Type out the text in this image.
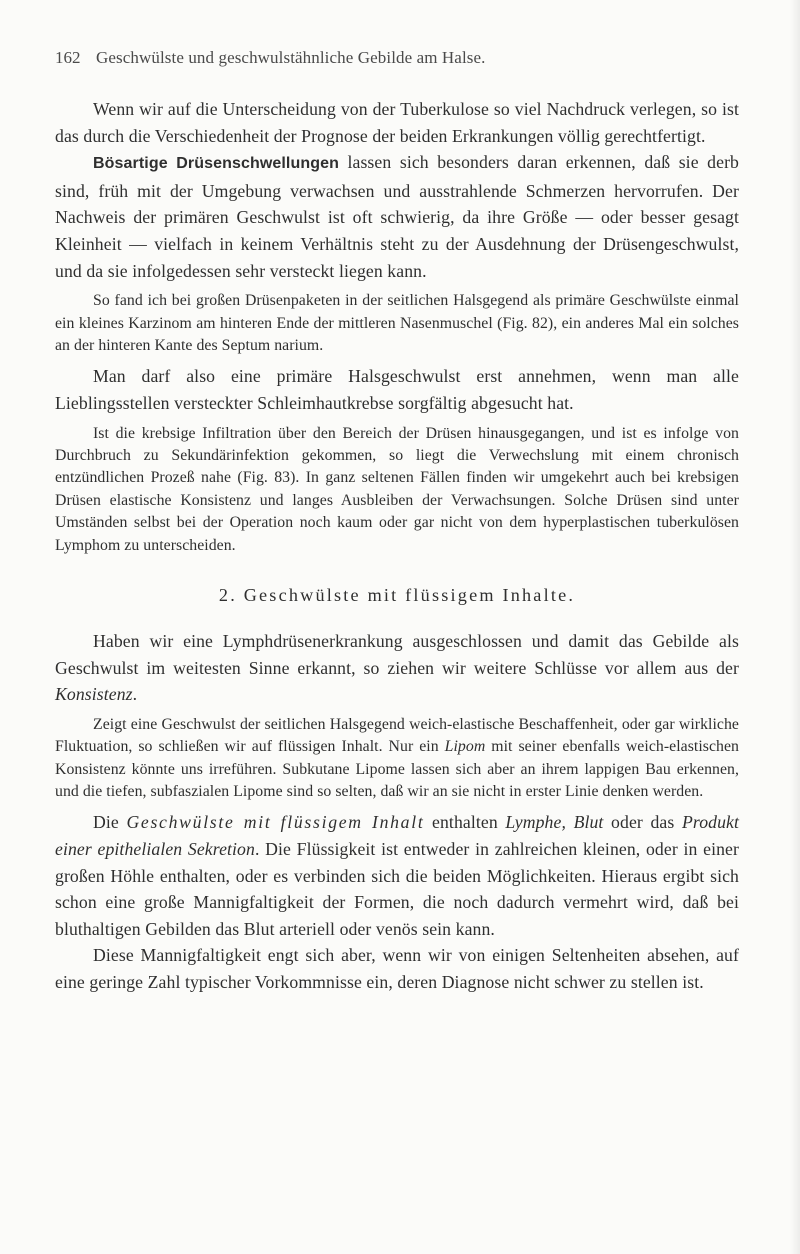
162 Geschwülste und geschwulstähnliche Gebilde am Halse.

Wenn wir auf die Unterscheidung von der Tuberkulose so viel Nachdruck verlegen, so ist das durch die Verschiedenheit der Prognose der beiden Erkrankungen völlig gerechtfertigt.

Bösartige Drüsenschwellungen lassen sich besonders daran erkennen, daß sie derb sind, früh mit der Umgebung verwachsen und ausstrahlende Schmerzen hervorrufen. Der Nachweis der primären Geschwulst ist oft schwierig, da ihre Größe — oder besser gesagt Kleinheit — vielfach in keinem Verhältnis steht zu der Ausdehnung der Drüsengeschwulst, und da sie infolgedessen sehr versteckt liegen kann.

So fand ich bei großen Drüsenpaketen in der seitlichen Halsgegend als primäre Geschwülste einmal ein kleines Karzinom am hinteren Ende der mittleren Nasenmuschel (Fig. 82), ein anderes Mal ein solches an der hinteren Kante des Septum narium.

Man darf also eine primäre Halsgeschwulst erst annehmen, wenn man alle Lieblingsstellen versteckter Schleimhautkrebse sorgfältig abgesucht hat.

Ist die krebsige Infiltration über den Bereich der Drüsen hinausgegangen, und ist es infolge von Durchbruch zu Sekundärinfektion gekommen, so liegt die Verwechslung mit einem chronisch entzündlichen Prozeß nahe (Fig. 83). In ganz seltenen Fällen finden wir umgekehrt auch bei krebsigen Drüsen elastische Konsistenz und langes Ausbleiben der Verwachsungen. Solche Drüsen sind unter Umständen selbst bei der Operation noch kaum oder gar nicht von dem hyperplastischen tuberkulösen Lymphom zu unterscheiden.

2. Geschwülste mit flüssigem Inhalte.

Haben wir eine Lymphdrüsenerkrankung ausgeschlossen und damit das Gebilde als Geschwulst im weitesten Sinne erkannt, so ziehen wir weitere Schlüsse vor allem aus der Konsistenz.

Zeigt eine Geschwulst der seitlichen Halsgegend weich-elastische Beschaffenheit, oder gar wirkliche Fluktuation, so schließen wir auf flüssigen Inhalt. Nur ein Lipom mit seiner ebenfalls weich-elastischen Konsistenz könnte uns irreführen. Subkutane Lipome lassen sich aber an ihrem lappigen Bau erkennen, und die tiefen, subfaszialen Lipome sind so selten, daß wir an sie nicht in erster Linie denken werden.

Die Geschwülste mit flüssigem Inhalt enthalten Lymphe, Blut oder das Produkt einer epithelialen Sekretion. Die Flüssigkeit ist entweder in zahlreichen kleinen, oder in einer großen Höhle enthalten, oder es verbinden sich die beiden Möglichkeiten. Hieraus ergibt sich schon eine große Mannigfaltigkeit der Formen, die noch dadurch vermehrt wird, daß bei bluthaltigen Gebilden das Blut arteriell oder venös sein kann.

Diese Mannigfaltigkeit engt sich aber, wenn wir von einigen Seltenheiten absehen, auf eine geringe Zahl typischer Vorkommnisse ein, deren Diagnose nicht schwer zu stellen ist.
